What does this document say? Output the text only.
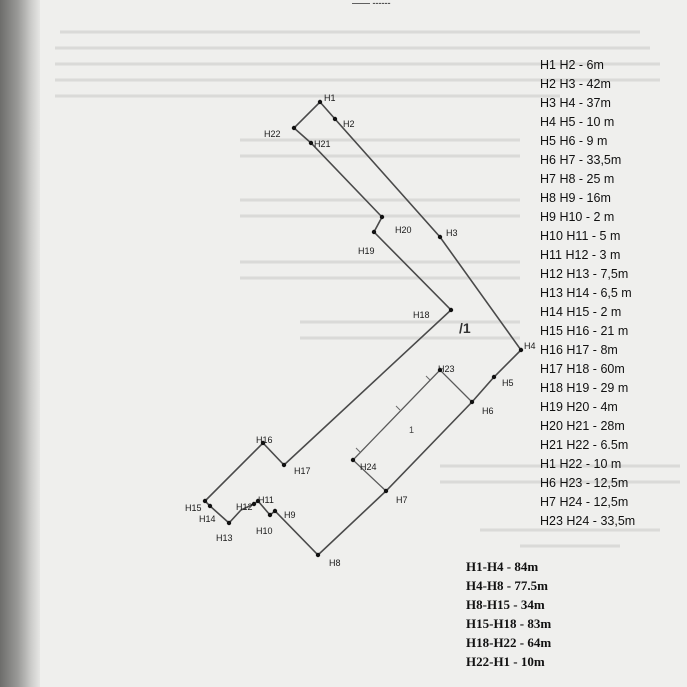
—— ------
H1
H2
H3
H4
H5
H6
H7
H8
H9
H10
H11
H12
H13
H14
H15
H16
H17
H18
H19
H20
H21
H22
H23
H24
/1
1
H1 H2 - 6m
H2 H3 - 42m
H3 H4 - 37m
H4 H5 - 10 m
H5 H6 - 9 m
H6 H7 - 33,5m
H7 H8 - 25 m
H8 H9 - 16m
H9 H10 - 2 m
H10 H11 - 5 m
H11 H12 - 3 m
H12 H13 - 7,5m
H13 H14 - 6,5 m
H14 H15 - 2 m
H15 H16 - 21 m
H16 H17 - 8m
H17 H18 - 60m
H18 H19 - 29 m
H19 H20 - 4m
H20 H21 - 28m
H21 H22 - 6.5m
H1 H22 - 10 m
H6 H23 - 12,5m
H7 H24 - 12,5m
H23 H24 - 33,5m
H1-H4 - 84m
H4-H8 - 77.5m
H8-H15 - 34m
H15-H18 - 83m
H18-H22 - 64m
H22-H1 - 10m
